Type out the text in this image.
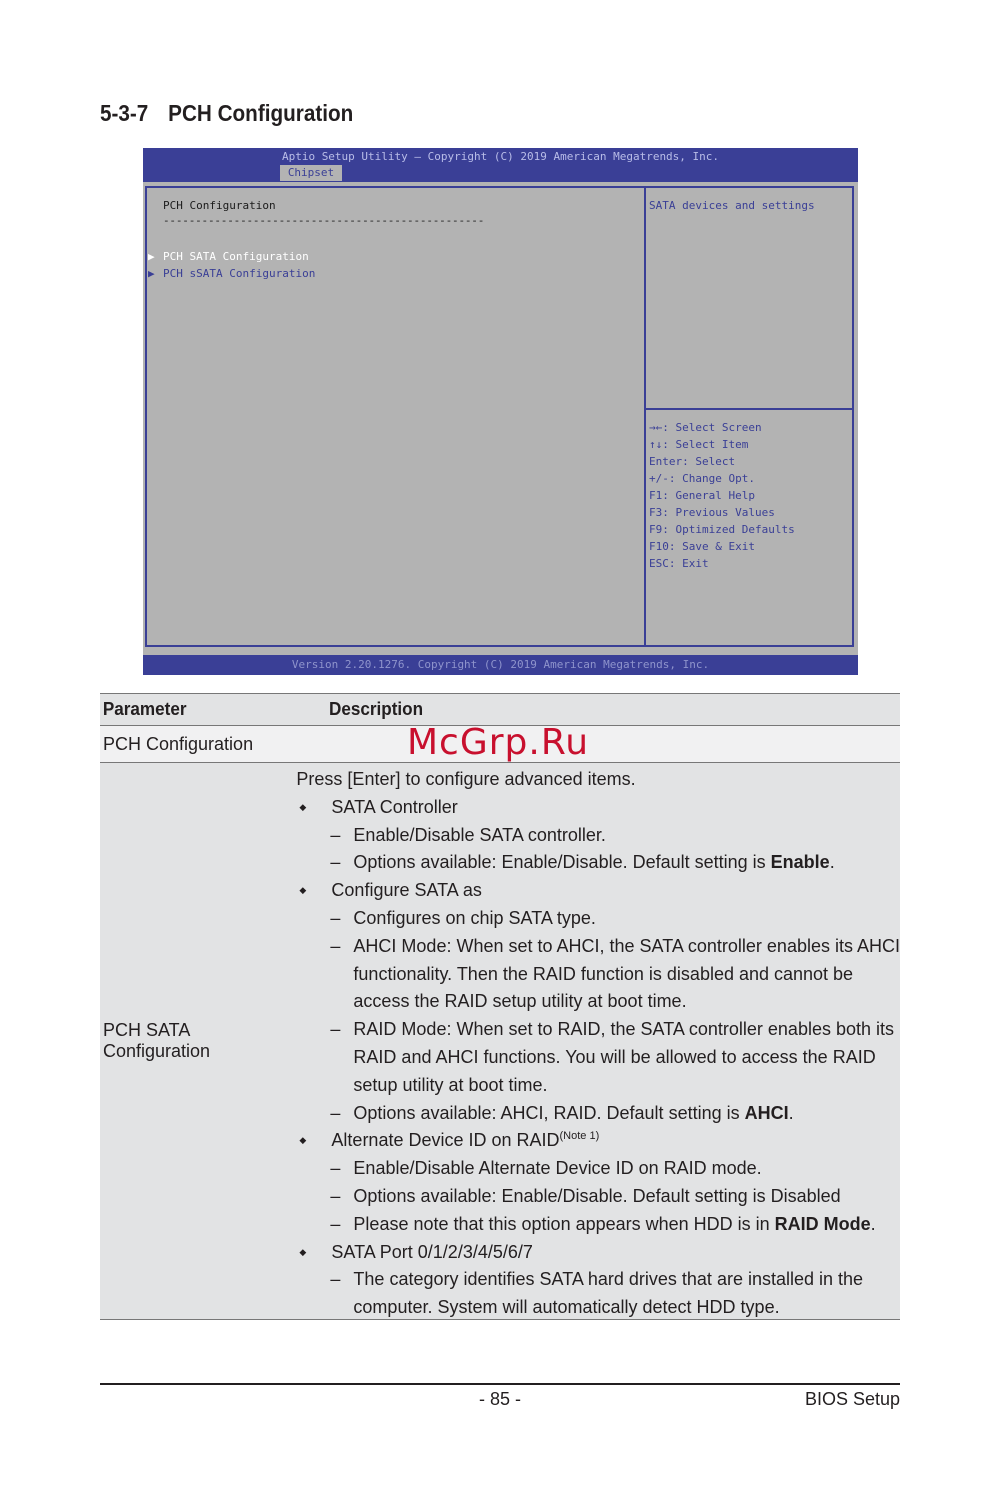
5-3-7 PCH Configuration
Aptio Setup Utility – Copyright (C) 2019 American Megatrends, Inc.
Chipset
PCH Configuration
--------------------------------------------------
▶ PCH SATA Configuration
▶ PCH sSATA Configuration
SATA devices and settings
→←: Select Screen
↑↓: Select Item
Enter: Select
+/-: Change Opt.
F1: General Help
F3: Previous Values
F9: Optimized Defaults
F10: Save & Exit
ESC: Exit
Version 2.20.1276. Copyright (C) 2019 American Megatrends, Inc.
Parameter	Description
PCH Configuration
PCH SATA Configuration
Press [Enter] to configure advanced items.
◆ SATA Controller
– Enable/Disable SATA controller.
– Options available: Enable/Disable. Default setting is Enable.
◆ Configure SATA as
– Configures on chip SATA type.
– AHCI Mode: When set to AHCI, the SATA controller enables its AHCI
functionality. Then the RAID function is disabled and cannot be
access the RAID setup utility at boot time.
– RAID Mode: When set to RAID, the SATA controller enables both its
RAID and AHCI functions. You will be allowed to access the RAID
setup utility at boot time.
– Options available: AHCI, RAID. Default setting is AHCI.
◆ Alternate Device ID on RAID$^{(Note 1)}$
– Enable/Disable Alternate Device ID on RAID mode.
– Options available: Enable/Disable. Default setting is Disabled
– Please note that this option appears when HDD is in RAID Mode.
◆ SATA Port 0/1/2/3/4/5/6/7
– The category identifies SATA hard drives that are installed in the
computer. System will automatically detect HDD type.
McGrp.Ru
- 85 -	BIOS Setup
